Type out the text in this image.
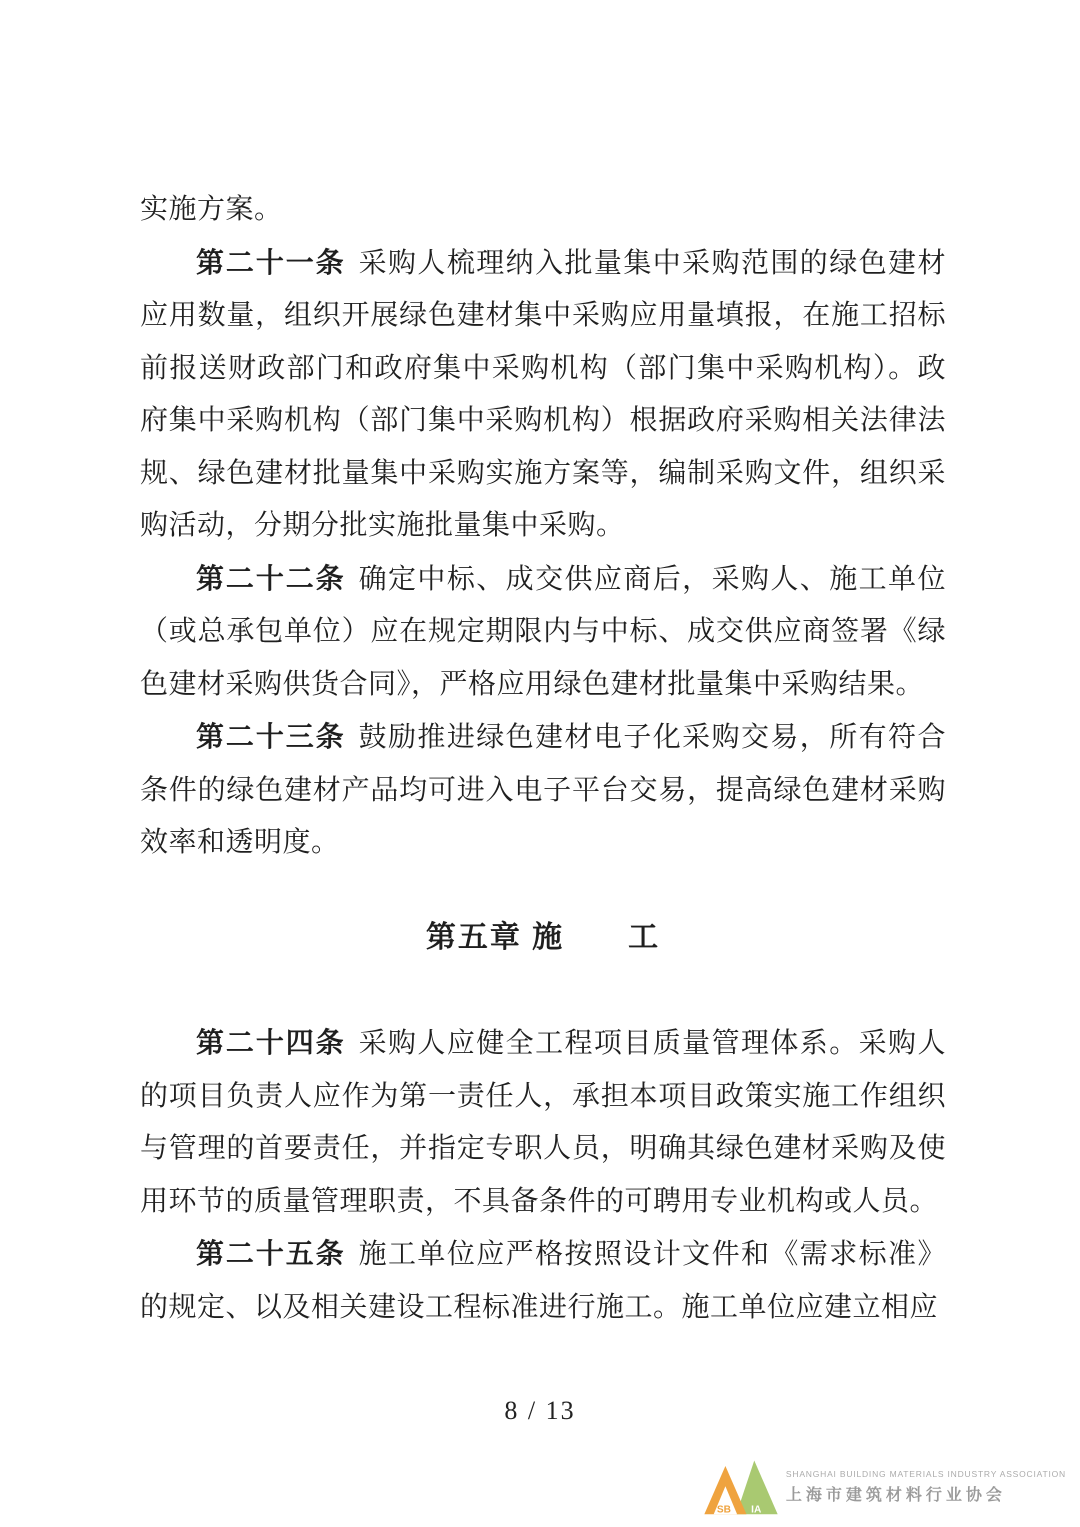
实施方案。

第二十一条 采购人梳理纳入批量集中采购范围的绿色建材应用数量，组织开展绿色建材集中采购应用量填报，在施工招标前报送财政部门和政府集中采购机构（部门集中采购机构）。政府集中采购机构（部门集中采购机构）根据政府采购相关法律法规、绿色建材批量集中采购实施方案等，编制采购文件，组织采购活动，分期分批实施批量集中采购。

第二十二条 确定中标、成交供应商后，采购人、施工单位（或总承包单位）应在规定期限内与中标、成交供应商签署《绿色建材采购供货合同》，严格应用绿色建材批量集中采购结果。

第二十三条 鼓励推进绿色建材电子化采购交易，所有符合条件的绿色建材产品均可进入电子平台交易，提高绿色建材采购效率和透明度。

第五章 施　　工

第二十四条 采购人应健全工程项目质量管理体系。采购人的项目负责人应作为第一责任人，承担本项目政策实施工作组织与管理的首要责任，并指定专职人员，明确其绿色建材采购及使用环节的质量管理职责，不具备条件的可聘用专业机构或人员。

第二十五条 施工单位应严格按照设计文件和《需求标准》的规定、以及相关建设工程标准进行施工。施工单位应建立相应

8 / 13
SB IA
SHANGHAI BUILDING MATERIALS INDUSTRY ASSOCIATION
上海市建筑材料行业协会
